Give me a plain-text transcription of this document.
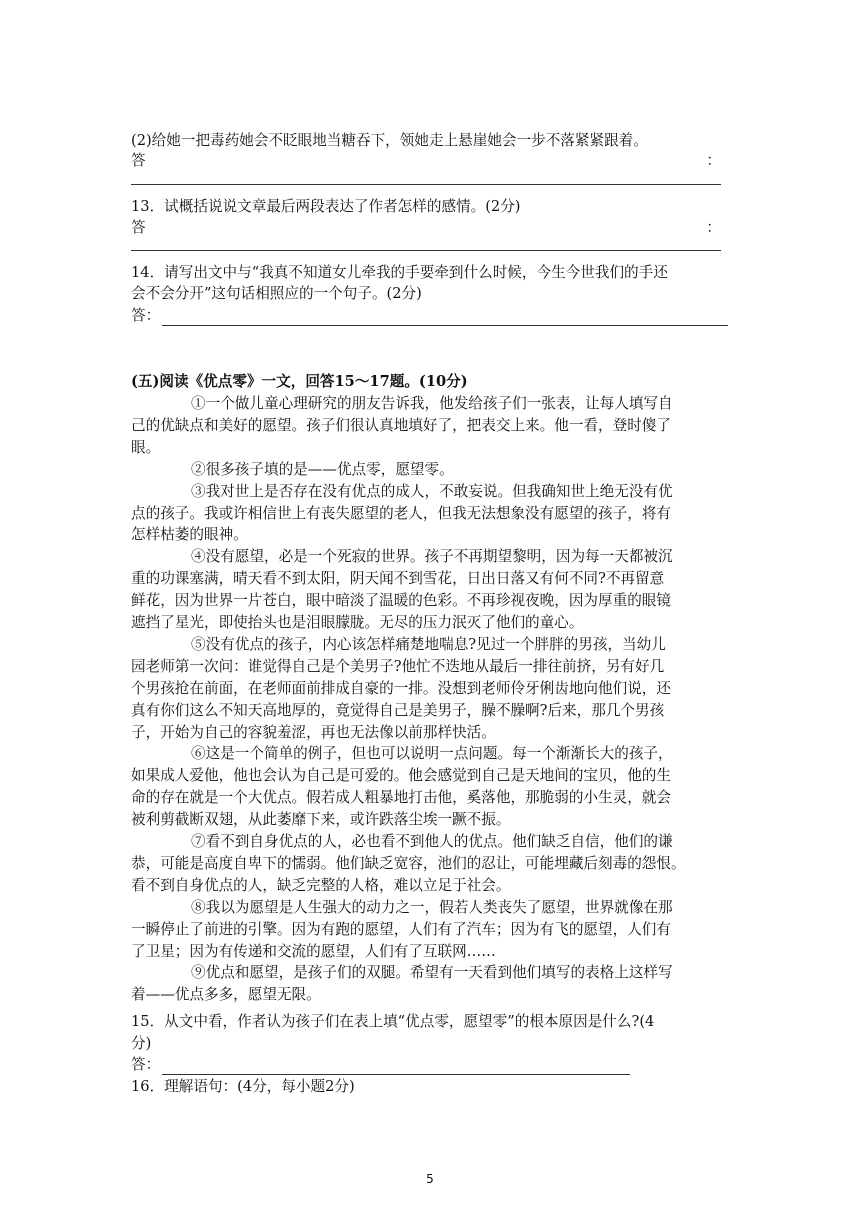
(2)给她一把毒药她会不眨眼地当糖吞下，领她走上悬崖她会一步不落紧紧跟着。
答	：
13．试概括说说文章最后两段表达了作者怎样的感情。(2分)
答	：
14．请写出文中与“我真不知道女儿牵我的手要牵到什么时候，今生今世我们的手还
会不会分开”这句话相照应的一个句子。(2分)
答：
(五)阅读《优点零》一文，回答15～17题。(10分)
①一个做儿童心理研究的朋友告诉我，他发给孩子们一张表，让每人填写自
己的优缺点和美好的愿望。孩子们很认真地填好了，把表交上来。他一看，登时傻了
眼。
②很多孩子填的是——优点零，愿望零。
③我对世上是否存在没有优点的成人，不敢妄说。但我确知世上绝无没有优
点的孩子。我或许相信世上有丧失愿望的老人，但我无法想象没有愿望的孩子，将有
怎样枯萎的眼神。
④没有愿望，必是一个死寂的世界。孩子不再期望黎明，因为每一天都被沉
重的功课塞满，晴天看不到太阳，阴天闻不到雪花，日出日落又有何不同?不再留意
鲜花，因为世界一片苍白，眼中暗淡了温暖的色彩。不再珍视夜晚，因为厚重的眼镜
遮挡了星光，即使抬头也是泪眼朦胧。无尽的压力泯灭了他们的童心。
⑤没有优点的孩子，内心该怎样痛楚地喘息?见过一个胖胖的男孩，当幼儿
园老师第一次问：谁觉得自己是个美男子?他忙不迭地从最后一排往前挤，另有好几
个男孩抢在前面，在老师面前排成自豪的一排。没想到老师伶牙俐齿地向他们说，还
真有你们这么不知天高地厚的，竟觉得自己是美男子，臊不臊啊?后来，那几个男孩
子，开始为自己的容貌羞涩，再也无法像以前那样快活。
⑥这是一个简单的例子，但也可以说明一点问题。每一个渐渐长大的孩子，
如果成人爱他，他也会认为自己是可爱的。他会感觉到自己是天地间的宝贝，他的生
命的存在就是一个大优点。假若成人粗暴地打击他，奚落他，那脆弱的小生灵，就会
被利剪截断双翅，从此萎靡下来，或许跌落尘埃一蹶不振。
⑦看不到自身优点的人，必也看不到他人的优点。他们缺乏自信，他们的谦
恭，可能是高度自卑下的懦弱。他们缺乏宽容，池们的忍让，可能埋藏后刻毒的怨恨。
看不到自身优点的人，缺乏完整的人格，难以立足于社会。
⑧我以为愿望是人生强大的动力之一，假若人类丧失了愿望，世界就像在那
一瞬停止了前进的引擎。因为有跑的愿望，人们有了汽车；因为有飞的愿望，人们有
了卫星；因为有传递和交流的愿望，人们有了互联网……
⑨优点和愿望，是孩子们的双腿。希望有一天看到他们填写的表格上这样写
着——优点多多，愿望无限。
15．从文中看，作者认为孩子们在表上填“优点零，愿望零”的根本原因是什么?(4
分)
答：
16．理解语句：(4分，每小题2分)
5
